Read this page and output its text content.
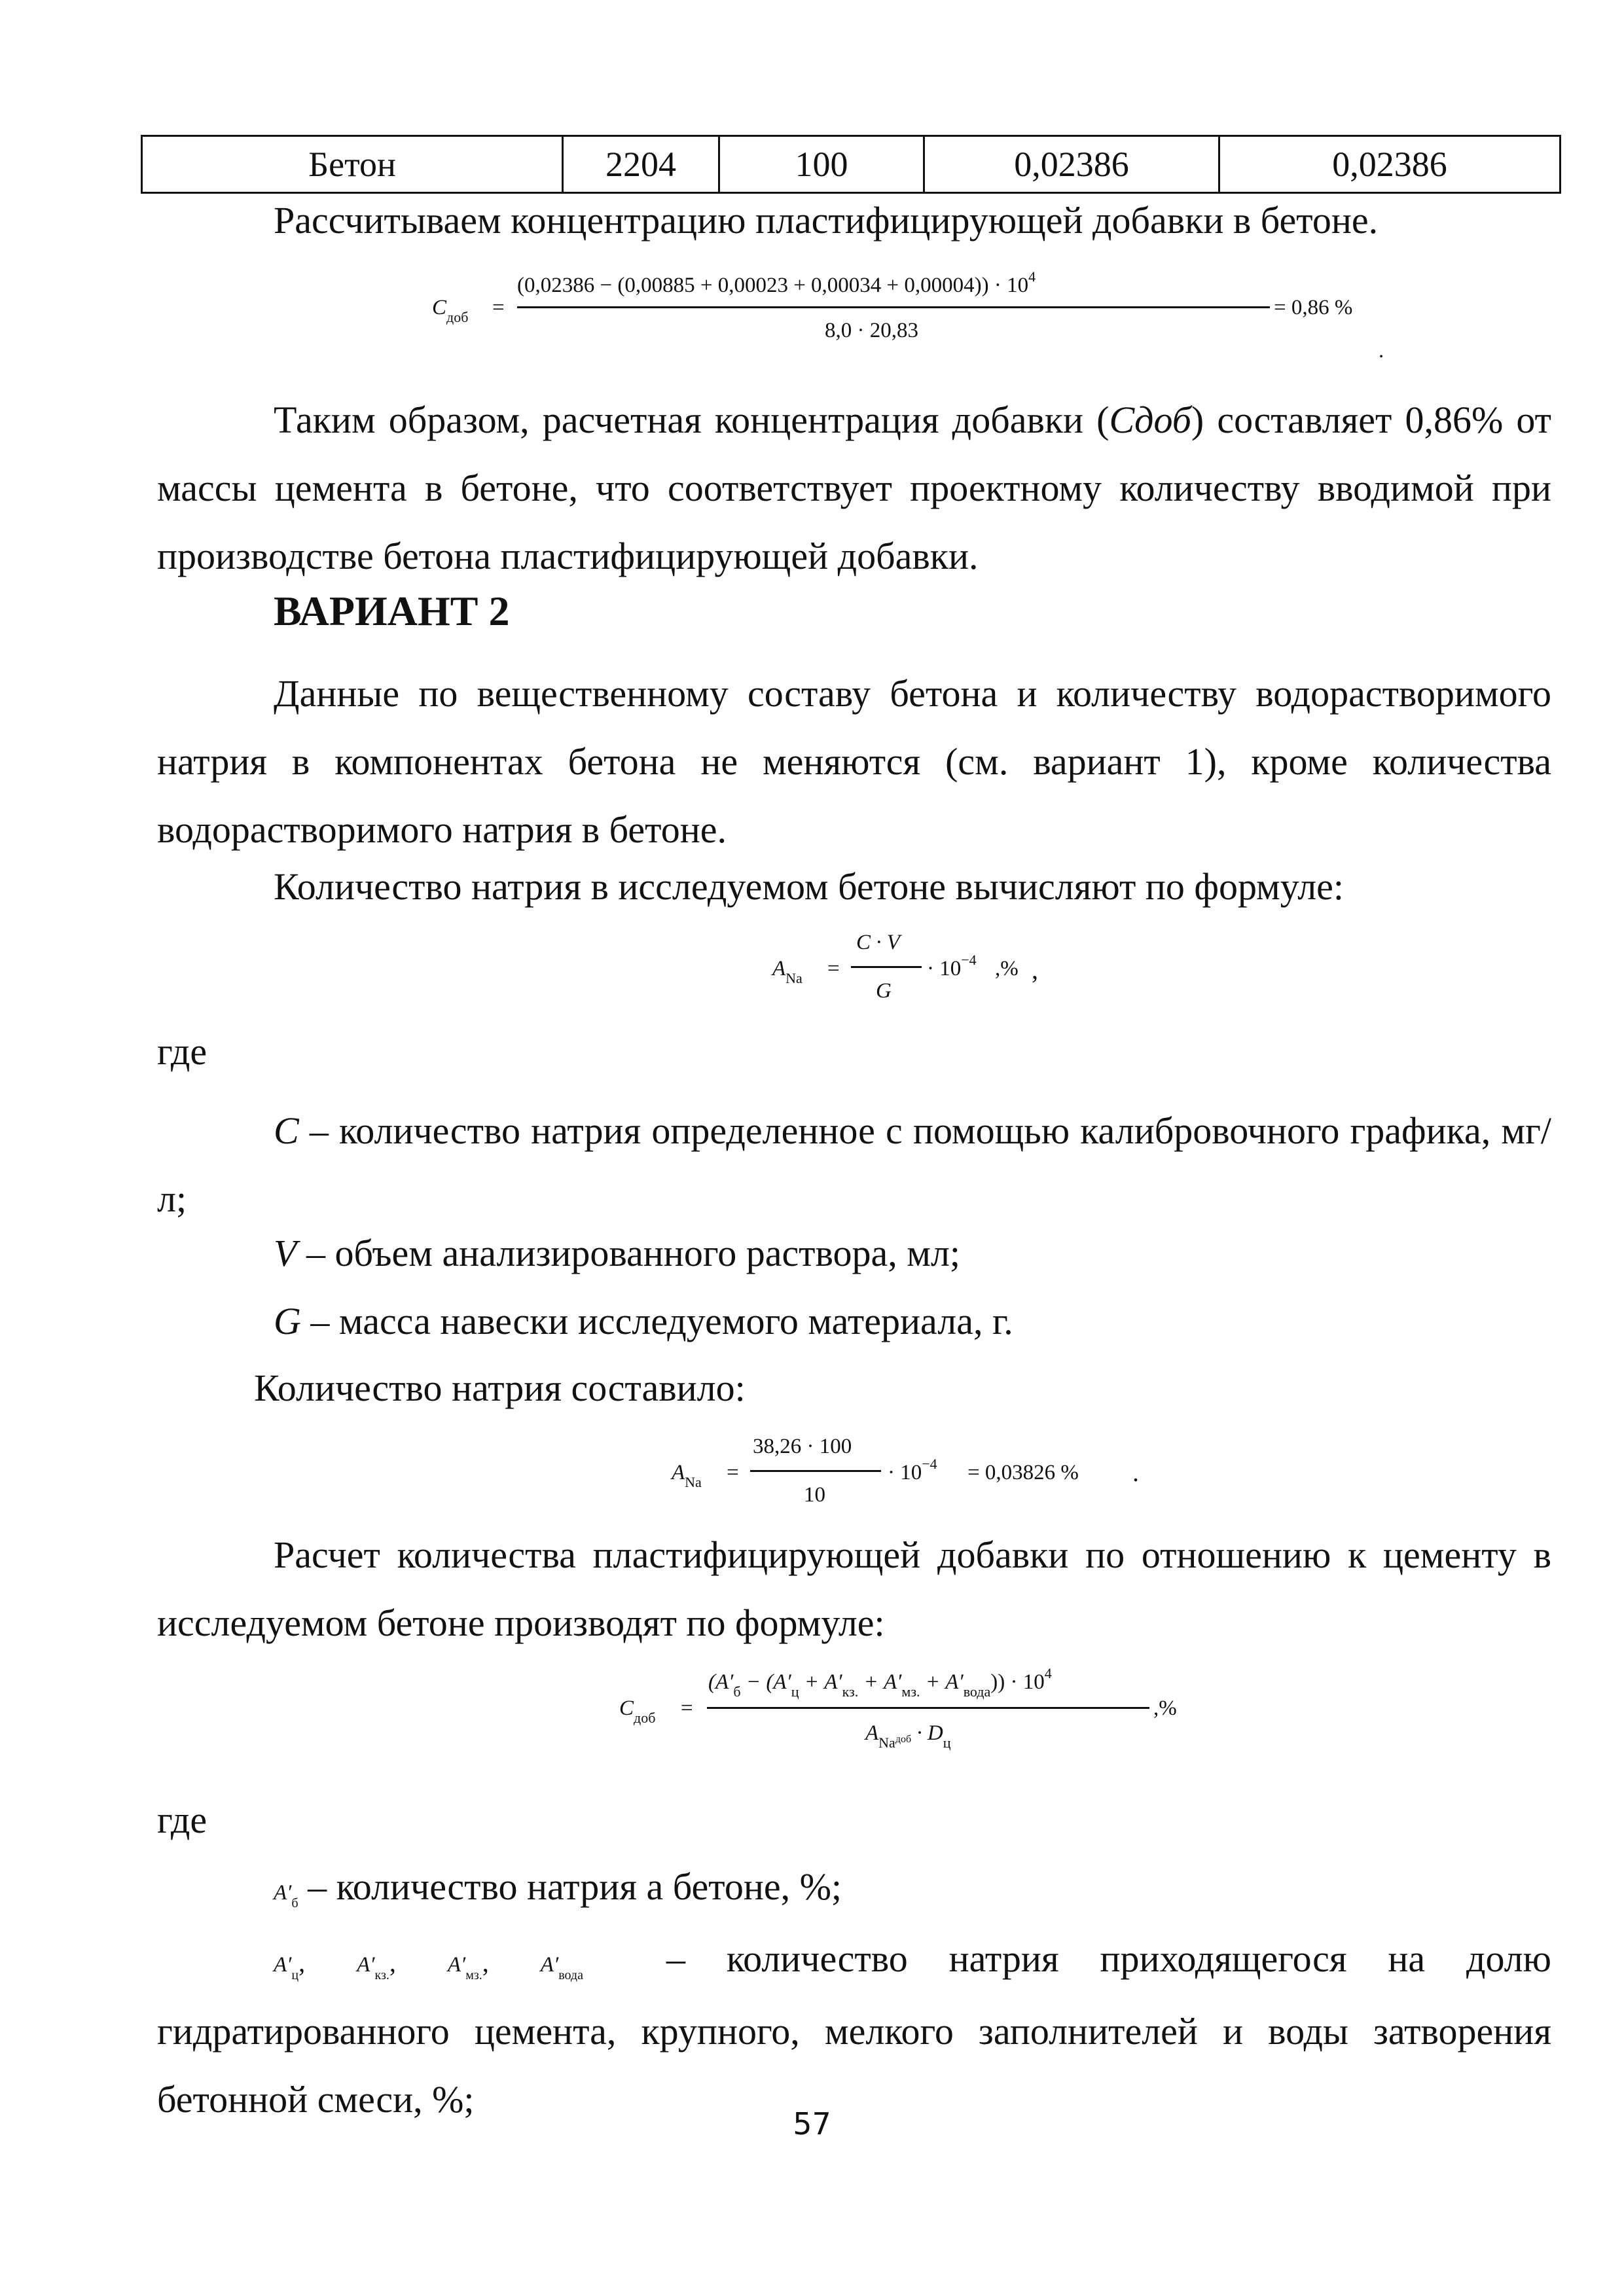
Бетон	2204	100	0,02386	0,02386
Рассчитываем концентрацию пластифицирующей добавки в бетоне.
$C_{доб}$ =
$(0,02386 - (0,00885 + 0,00023 + 0,00034 + 0,00004)) \cdot 10^4$
8,0 · 20,83
= 0,86 %
.

Таким образом, расчетная концентрация добавки (Cдоб) составляет 0,86% от массы цемента в бетоне, что соответствует проектному количеству вводимой при производстве бетона пластифицирующей добавки.

ВАРИАНТ 2

Данные по вещественному составу бетона и количеству водорастворимого натрия в компонентах бетона не меняются (см. вариант 1), кроме количества водорастворимого натрия в бетоне.

Количество натрия в исследуемом бетоне вычисляют по формуле:
$A_{Na}$ =
C · V
G
· $10^{-4}$ ,% ,
где

C – количество натрия определенное с помощью калибровочного графика, мг/л;

V – объем анализированного раствора, мл;
G – масса навески исследуемого материала, г.
Количество натрия составило:
$A_{Na}$ =
38,26 · 100
10
· $10^{-4} = 0,03826$ % .

Расчет количества пластифицирующей добавки по отношению к цементу в исследуемом бетоне производят по формуле:

$C_{доб}$ =
$(A'_б - (A'_ц + A'_{кз.} + A'_{мз.} + A'_{вода})) \cdot 10^4$
$A_{Na}доб \cdot D_ц$
,%
где
$A'_б$ – количество натрия а бетоне, %;
$A'_ц$, $A'_{кз.}$, $A'_{мз.}$, $A'_{вода}$	– количество натрия приходящегося на долю

гидратированного цемента, крупного, мелкого заполнителей и воды затворения бетонной смеси, %;

57
